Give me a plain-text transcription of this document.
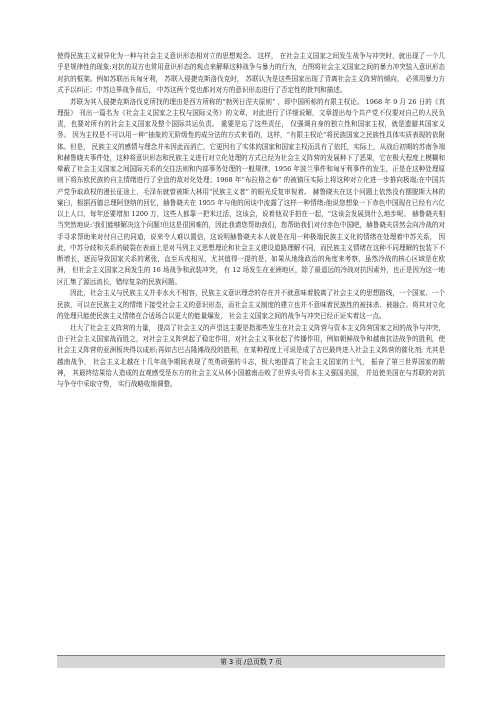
使得民族主义被异化为一种与社会主义意识形态相对立的思想观念。 这样， 在社会主义国家之间发生战争与冲突时，就出现了一个几乎是规律性的现象:对抗的双方也常用意识形态的观点来解释这种战争与暴力的行为，力图将社会主义国家之间的暴力冲突装入意识形态对抗的框架。例如苏联出兵匈牙利， 苏联入侵捷克斯洛伐克时， 苏联认为是这些国家出现了背离社会主义阵营的倾向， 必须用暴力方式予以纠正；中苏边界战争前后， 中苏这两个党也都对对方的意识形态进行了否定性的批判和描述。

苏联为其入侵捷克斯洛伐克所找的理由是西方所称的“勃列日涅夫原则” ，即中国所称的有限主权论。 1968 年 9 月 26 日的《真理报》 刊出一篇名为《社会主义国家之主权与国际义务》的文章，对此进行了详细说解，文章提出每个共产党不仅要对自己的人民负责，也要对所有的社会主义国家及整个国际共运负责。 重要是忘了这些责任， 仅强调自身的独立性和国家主权，就是遗避其国家义务。 因为主权是不可以用一种“抽象的无阶级性的成分法的方式来看的，这样，“有限主权论”将民族国家之民族性具体实质表现的依附体。但是， 民族主义的感情与理念并未因此而消亡，它更因有了实体的国家和国家主权而具有了依托，实际上，从战后初期的苏南争端和赫鲁晓夫事件处，这种将意识形态和民族主义进行对立化处理的方式已经为社会主义阵营的发展种下了恶果，它在极大程度上模糊和晕蔽了社会主义国家之间国际关系的交往法则和内部事务处理的一般规律，1956 年波兰事件和匈牙利事件的发生，正是在这种处理原则下将东欧民族的自主情绪进行了全盘的敌对化处理；1968 年“布拉格之春” 的被镇压实际上将这种对立化进一步推向极端;在中国共产党争取政权的漫长征途上，毛泽东就曾被斯大林用“民族主义者” 的眼光反复审视着。 赫鲁晓夫在这个问题上依然没有摆脱斯大林的窠臼，根据西德总理阿登纳的回忆，赫鲁晓夫在 1955 年与他的闲谈中流露了这样一种情绪:他说您想象一下赤色中国现在已经有六亿以上人口，每年还要增加 1200 万，这些人都靠一把米过活，这该会，说着他双手拍在一起，“这该会发展到什么地步呢。 赫鲁晓夫相当突然地说:‘我们能够解决这个问题!但这是很困难的，因此我请您帮助我们，您帮助我们对付赤色中国吧，赫鲁晓夫居然会向冷战的对手寻求帮助来对付自己的同道，说来令人难以置信，这说明赫鲁晓夫本人就是在用一种极端民族主义化的情绪在处理着中苏关系， 因此，中苏分歧和关系的破裂在表面上是对马列主义思想理论和社会主义建设道路理解不同，而民族主义情绪在这种不同理解的包装下不断增长，逐而导致国家关系的紧张，直至兵戎相见，尤其值得一提的是，如果从地缘政治的角度来考察，虽然冷战的核心区域是在欧洲， 但社会主义国家之间发生的 16 场战争和武装冲突， 有 12 场发生在亚洲地区，除了最遥远的冷战对抗因素外，也正是因为这一地区汇集了源远流长，错综复杂的民族问题。

因此，社会主义与民族主义并非水火不相容，民族主义意识理念的存在并不就意味着脱离了社会主义的思想路线，一个国家、一个民族，可以在民族主义的情绪下接受社会主义的意识形态，而社会主义制度的建立也并不意味着民族性的被抹杀、被融合。将其对立化的处理只能使民族主义情绪在合适场合以更大的能量爆发， 社会主义国家之间的战争与冲突已经正证实着这一点。

壮大了社会主义阵营的力量， 提高了社会主义的声望这主要是指那些发生在社会主义阵营与资本主义阵营国家之间的战争与冲突， 由于社会主义国家战而胜之，对社会主义阵营起了稳定作用，对社会主义事业起了传播作用，例如朝鲜战争和越南抗法战争的胜利，使社会主义阵营的亚洲板块得以成形;再如古巴吉隆滩战役的胜利，在某种程度上可说是成了古巴最终进入社会主义阵营的催化剂; 尤其是越南战争， 社会主义北越在十几年战争期间表现了英勇顽强的斗志，极大地提高了社会主义国家的士气， 振奋了第三世界国家的精神， 其最终结果给人造成的直观感受是东方的社会主义从林小国越南击败了世界头号资本主义强国美国， 并迫使美国在与苏联的对抗与争夺中采取守势， 实行战略收缩调整。

第 3 页 /总页数 7 页
